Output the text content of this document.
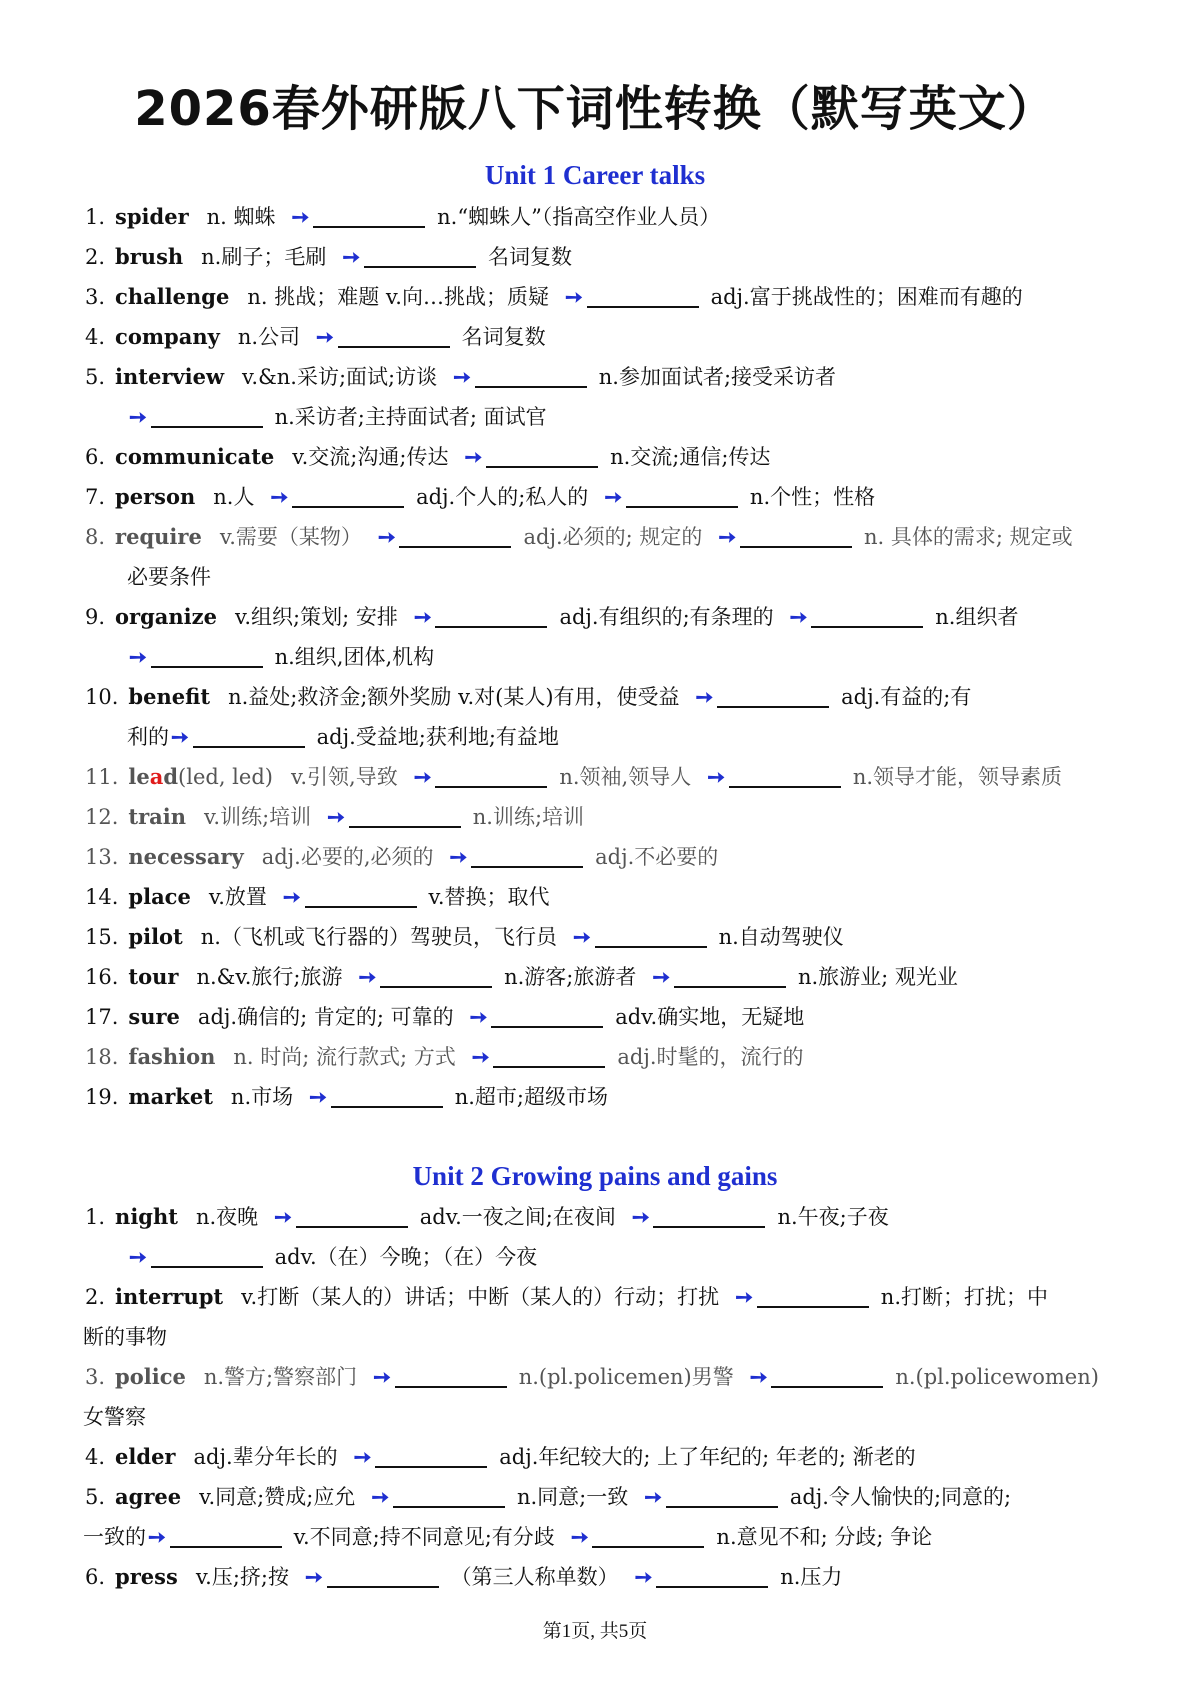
2026春外研版八下词性转换（默写英文）
Unit 1 Career talks
1. spider n. 蜘蛛 ➙	n.“蜘蛛人”（指高空作业人员）
2. brush n.刷子；毛刷 ➙	名词复数
3. challenge n. 挑战；难题 v.向…挑战；质疑 ➙	adj.富于挑战性的；困难而有趣的
4. company n.公司 ➙	名词复数
5. interview v.&n.采访;面试;访谈 ➙	n.参加面试者;接受采访者
➙	n.采访者;主持面试者; 面试官
6. communicate v.交流;沟通;传达 ➙	n.交流;通信;传达
7. person n.人 ➙	adj.个人的;私人的 ➙	n.个性；性格
8. require v.需要（某物） ➙	adj.必须的; 规定的 ➙	n. 具体的需求; 规定或
必要条件
9. organize v.组织;策划; 安排 ➙	adj.有组织的;有条理的 ➙	n.组织者
➙	n.组织,团体,机构
10. benefit n.益处;救济金;额外奖励 v.对(某人)有用，使受益 ➙	adj.有益的;有
利的➙	adj.受益地;获利地;有益地
11. lead(led, led) v.引领,导致 ➙	n.领袖,领导人 ➙	n.领导才能，领导素质
12. train v.训练;培训 ➙	n.训练;培训
13. necessary adj.必要的,必须的 ➙	adj.不必要的
14. place v.放置 ➙	v.替换；取代
15. pilot n.（飞机或飞行器的）驾驶员，飞行员 ➙	n.自动驾驶仪
16. tour n.&v.旅行;旅游 ➙	n.游客;旅游者 ➙	n.旅游业; 观光业
17. sure adj.确信的; 肯定的; 可靠的 ➙	adv.确实地，无疑地
18. fashion n. 时尚; 流行款式; 方式 ➙	adj.时髦的，流行的
19. market n.市场 ➙	n.超市;超级市场
Unit 2 Growing pains and gains
1. night n.夜晚 ➙	adv.一夜之间;在夜间 ➙	n.午夜;子夜
➙	adv.（在）今晚；（在）今夜
2. interrupt v.打断（某人的）讲话；中断（某人的）行动；打扰 ➙	n.打断；打扰；中
断的事物
3. police n.警方;警察部门 ➙	n.(pl.policemen)男警 ➙	n.(pl.policewomen)
女警察
4. elder adj.辈分年长的 ➙	adj.年纪较大的; 上了年纪的; 年老的; 渐老的
5. agree v.同意;赞成;应允 ➙	n.同意;一致 ➙	adj.令人愉快的;同意的;
一致的➙	v.不同意;持不同意见;有分歧 ➙	n.意见不和; 分歧; 争论
6. press v.压;挤;按 ➙	（第三人称单数） ➙	n.压力
第1页, 共5页
